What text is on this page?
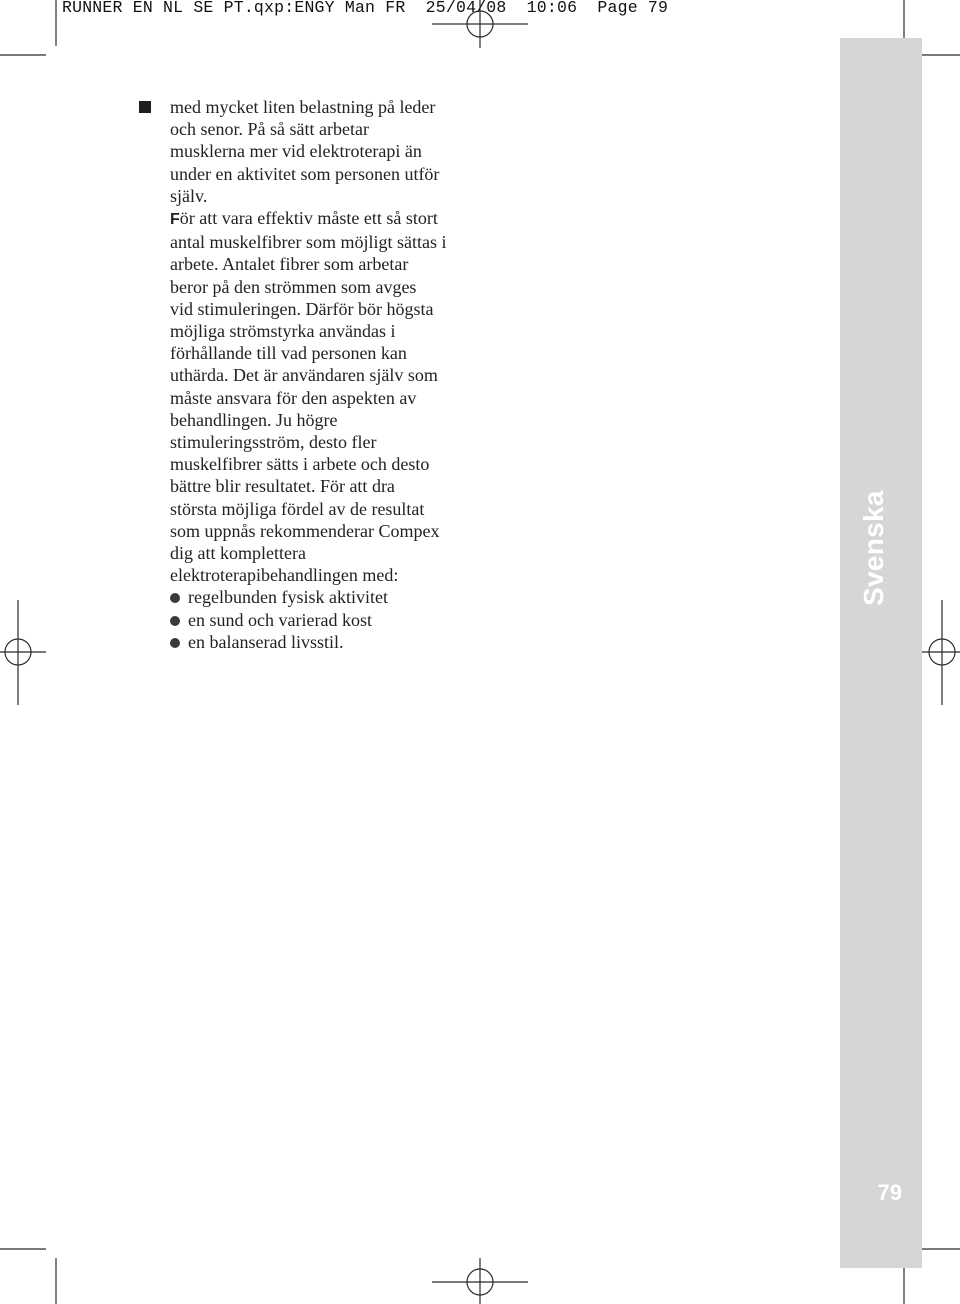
RUNNER EN NL SE PT.qxp:ENGY Man FR  25/04/08  10:06  Page 79
Svenska
79
med mycket liten belastning på leder
och senor. På så sätt arbetar
musklerna mer vid elektroterapi än
under en aktivitet som personen utför
själv.
För att vara effektiv måste ett så stort
antal muskelfibrer som möjligt sättas i
arbete. Antalet fibrer som arbetar
beror på den strömmen som avges
vid stimuleringen. Därför bör högsta
möjliga strömstyrka användas i
förhållande till vad personen kan
uthärda. Det är användaren själv som
måste ansvara för den aspekten av
behandlingen. Ju högre
stimuleringsström, desto fler
muskelfibrer sätts i arbete och desto
bättre blir resultatet. För att dra
största möjliga fördel av de resultat
som uppnås rekommenderar Compex
dig att komplettera
elektroterapibehandlingen med:
regelbunden fysisk aktivitet
en sund och varierad kost
en balanserad livsstil.
